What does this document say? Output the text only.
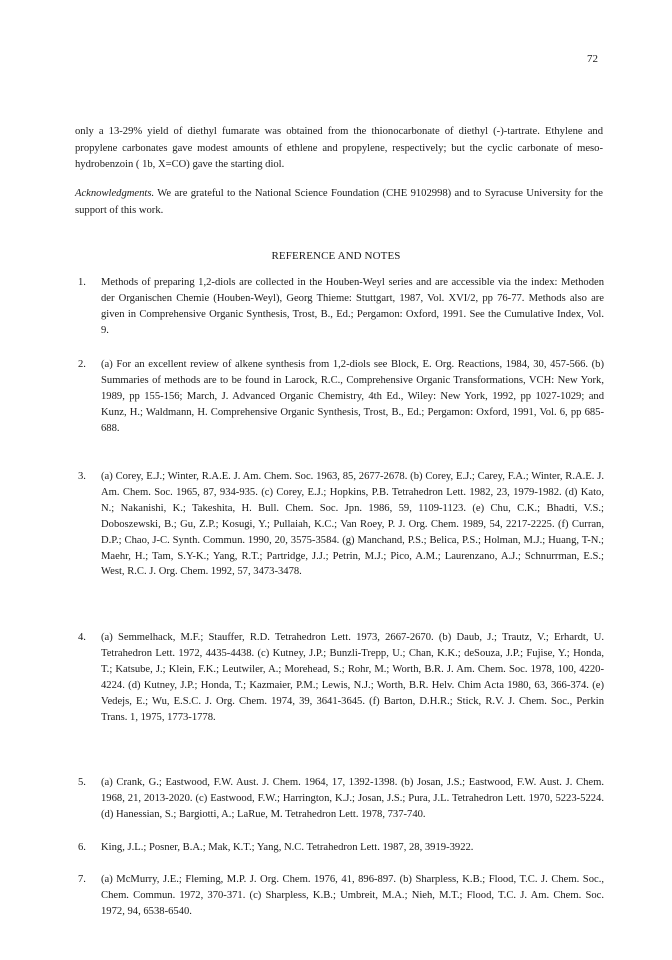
72
only a 13-29% yield of diethyl fumarate was obtained from the thionocarbonate of diethyl (-)-tartrate. Ethylene and propylene carbonates gave modest amounts of ethlene and propylene, respectively; but the cyclic carbonate of meso-hydrobenzoin ( 1b, X=CO) gave the starting diol.
Acknowledgments. We are grateful to the National Science Foundation (CHE 9102998) and to Syracuse University for the support of this work.
REFERENCE AND NOTES
1. Methods of preparing 1,2-diols are collected in the Houben-Weyl series and are accessible via the index: Methoden der Organischen Chemie (Houben-Weyl), Georg Thieme: Stuttgart, 1987, Vol. XVI/2, pp 76-77. Methods also are given in Comprehensive Organic Synthesis, Trost, B., Ed.; Pergamon: Oxford, 1991. See the Cumulative Index, Vol. 9.
2. (a) For an excellent review of alkene synthesis from 1,2-diols see Block, E. Org. Reactions, 1984, 30, 457-566. (b) Summaries of methods are to be found in Larock, R.C., Comprehensive Organic Transformations, VCH: New York, 1989, pp 155-156; March, J. Advanced Organic Chemistry, 4th Ed., Wiley: New York, 1992, pp 1027-1029; and Kunz, H.; Waldmann, H. Comprehensive Organic Synthesis, Trost, B., Ed.; Pergamon: Oxford, 1991, Vol. 6, pp 685-688.
3. (a) Corey, E.J.; Winter, R.A.E. J. Am. Chem. Soc. 1963, 85, 2677-2678. (b) Corey, E.J.; Carey, F.A.; Winter, R.A.E. J. Am. Chem. Soc. 1965, 87, 934-935. (c) Corey, E.J.; Hopkins, P.B. Tetrahedron Lett. 1982, 23, 1979-1982. (d) Kato, N.; Nakanishi, K.; Takeshita, H. Bull. Chem. Soc. Jpn. 1986, 59, 1109-1123. (e) Chu, C.K.; Bhadti, V.S.; Doboszewski, B.; Gu, Z.P.; Kosugi, Y.; Pullaiah, K.C.; Van Roey, P. J. Org. Chem. 1989, 54, 2217-2225. (f) Curran, D.P.; Chao, J-C. Synth. Commun. 1990, 20, 3575-3584. (g) Manchand, P.S.; Belica, P.S.; Holman, M.J.; Huang, T-N.; Maehr, H.; Tam, S.Y-K.; Yang, R.T.; Partridge, J.J.; Petrin, M.J.; Pico, A.M.; Laurenzano, A.J.; Schnurrman, E.S.; West, R.C. J. Org. Chem. 1992, 57, 3473-3478.
4. (a) Semmelhack, M.F.; Stauffer, R.D. Tetrahedron Lett. 1973, 2667-2670. (b) Daub, J.; Trautz, V.; Erhardt, U. Tetrahedron Lett. 1972, 4435-4438. (c) Kutney, J.P.; Bunzli-Trepp, U.; Chan, K.K.; deSouza, J.P.; Fujise, Y.; Honda, T.; Katsube, J.; Klein, F.K.; Leutwiler, A.; Morehead, S.; Rohr, M.; Worth, B.R. J. Am. Chem. Soc. 1978, 100, 4220-4224. (d) Kutney, J.P.; Honda, T.; Kazmaier, P.M.; Lewis, N.J.; Worth, B.R. Helv. Chim Acta 1980, 63, 366-374. (e) Vedejs, E.; Wu, E.S.C. J. Org. Chem. 1974, 39, 3641-3645. (f) Barton, D.H.R.; Stick, R.V. J. Chem. Soc., Perkin Trans. 1, 1975, 1773-1778.
5. (a) Crank, G.; Eastwood, F.W. Aust. J. Chem. 1964, 17, 1392-1398. (b) Josan, J.S.; Eastwood, F.W. Aust. J. Chem. 1968, 21, 2013-2020. (c) Eastwood, F.W.; Harrington, K.J.; Josan, J.S.; Pura, J.L. Tetrahedron Lett. 1970, 5223-5224. (d) Hanessian, S.; Bargiotti, A.; LaRue, M. Tetrahedron Lett. 1978, 737-740.
6. King, J.L.; Posner, B.A.; Mak, K.T.; Yang, N.C. Tetrahedron Lett. 1987, 28, 3919-3922.
7. (a) McMurry, J.E.; Fleming, M.P. J. Org. Chem. 1976, 41, 896-897. (b) Sharpless, K.B.; Flood, T.C. J. Chem. Soc., Chem. Commun. 1972, 370-371. (c) Sharpless, K.B.; Umbreit, M.A.; Nieh, M.T.; Flood, T.C. J. Am. Chem. Soc. 1972, 94, 6538-6540.
